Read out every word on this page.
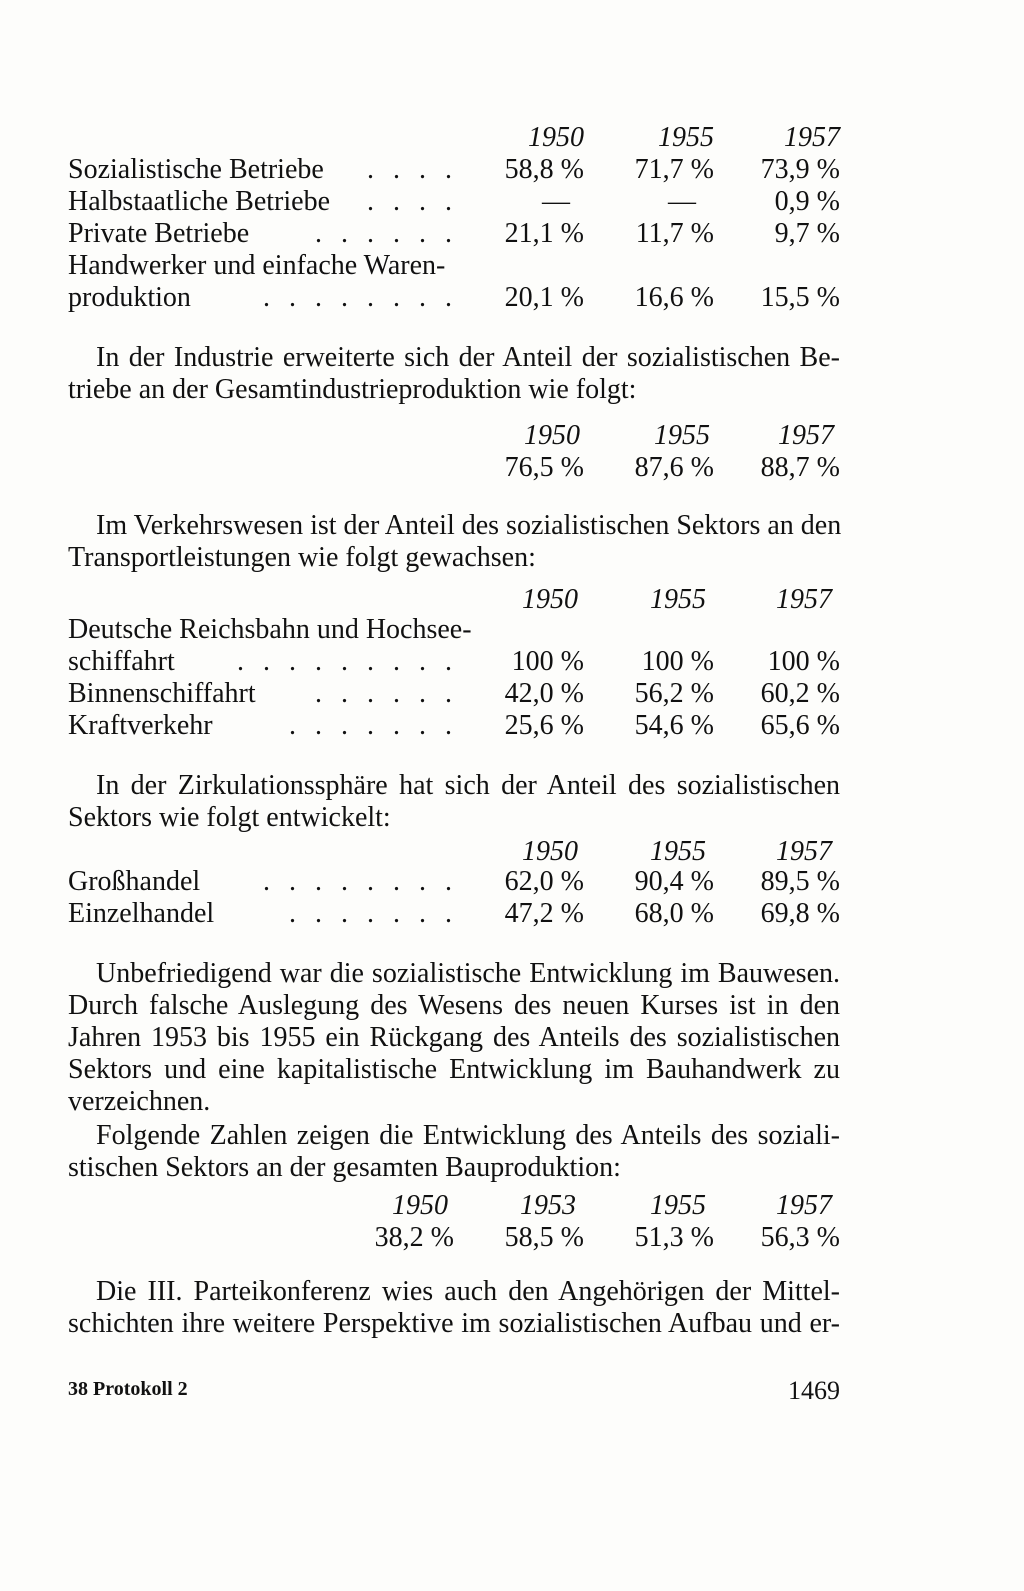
1950	1955	1957
Sozialistische Betriebe	. . . .	58,8 %	71,7 %	73,9 %
Halbstaatliche Betriebe	. . . .	—	—	0,9 %
Private Betriebe	. . . . . .	21,1 %	11,7 %	9,7 %
Handwerker und einfache Waren-
produktion	. . . . . . . .	20,1 %	16,6 %	15,5 %
In der Industrie erweiterte sich der Anteil der sozialistischen Be-
triebe an der Gesamtindustrieproduktion wie folgt:
1950	1955	1957
76,5 %	87,6 %	88,7 %
Im Verkehrswesen ist der Anteil des sozialistischen Sektors an den
Transportleistungen wie folgt gewachsen:
1950	1955	1957
Deutsche Reichsbahn und Hochsee-
schiffahrt	. . . . . . . . .	100 %	100 %	100 %
Binnenschiffahrt	. . . . . .	42,0 %	56,2 %	60,2 %
Kraftverkehr	. . . . . . .	25,6 %	54,6 %	65,6 %
In der Zirkulationssphäre hat sich der Anteil des sozialistischen
Sektors wie folgt entwickelt:
1950	1955	1957
Großhandel	. . . . . . . .	62,0 %	90,4 %	89,5 %
Einzelhandel	. . . . . . .	47,2 %	68,0 %	69,8 %
Unbefriedigend war die sozialistische Entwicklung im Bauwesen.
Durch falsche Auslegung des Wesens des neuen Kurses ist in den
Jahren 1953 bis 1955 ein Rückgang des Anteils des sozialistischen
Sektors und eine kapitalistische Entwicklung im Bauhandwerk zu
verzeichnen.
Folgende Zahlen zeigen die Entwicklung des Anteils des soziali-
stischen Sektors an der gesamten Bauproduktion:
1950	1953	1955	1957
38,2 %	58,5 %	51,3 %	56,3 %
Die III. Parteikonferenz wies auch den Angehörigen der Mittel-
schichten ihre weitere Perspektive im sozialistischen Aufbau und er-
38 Protokoll 2	1469
